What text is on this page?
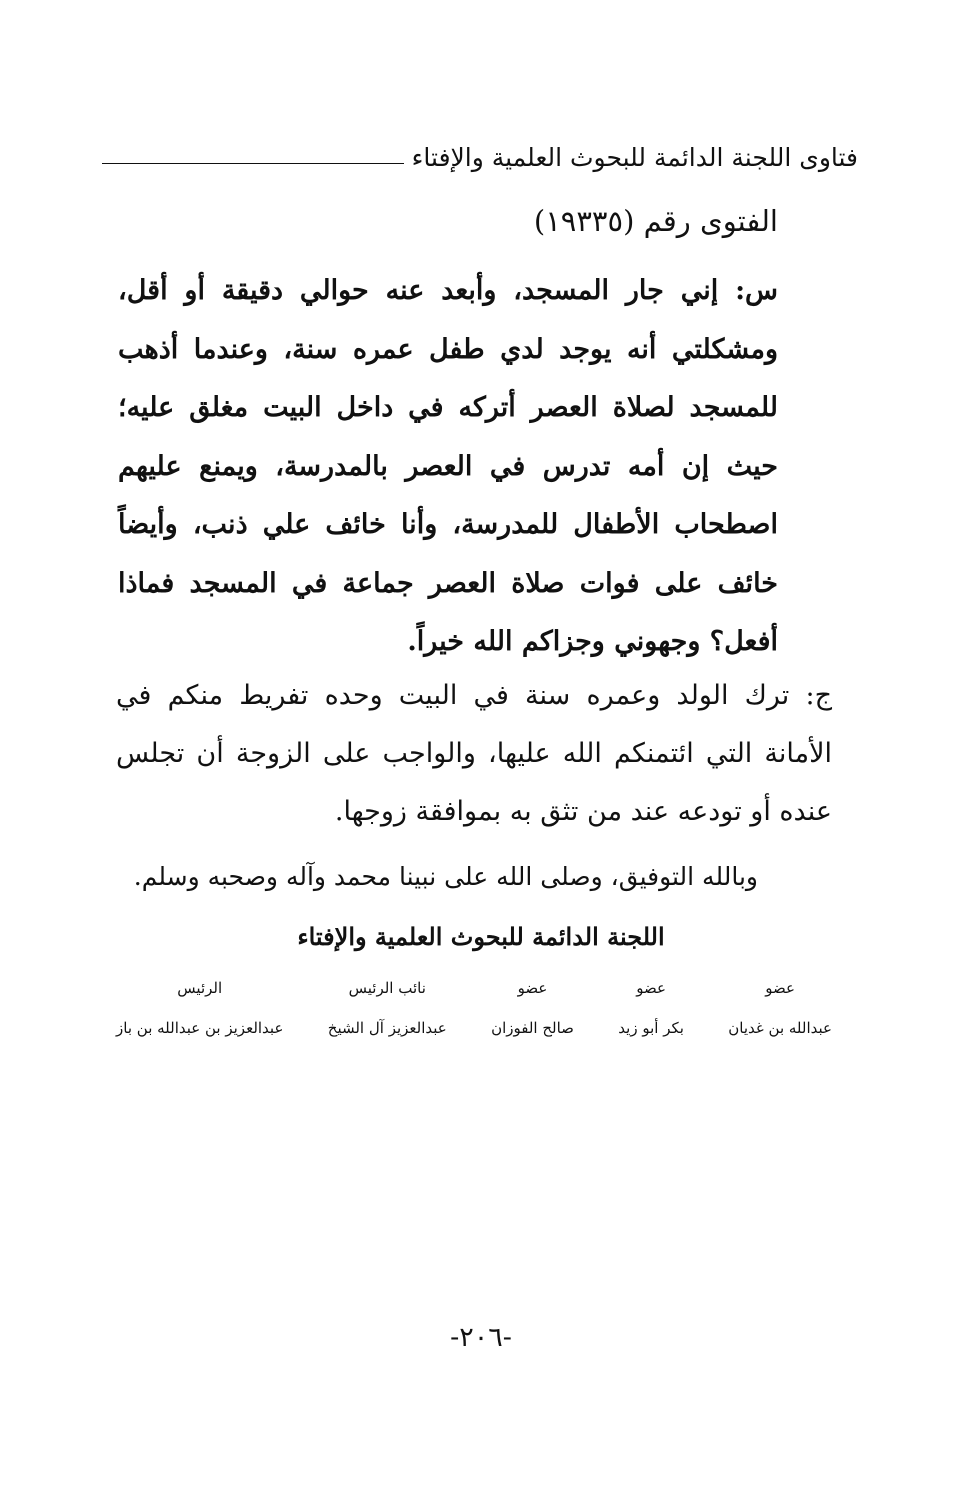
فتاوى اللجنة الدائمة للبحوث العلمية والإفتاء
الفتوى رقم (١٩٣٣٥)
س: إني جار المسجد، وأبعد عنه حوالي دقيقة أو أقل، ومشكلتي أنه يوجد لدي طفل عمره سنة، وعندما أذهب للمسجد لصلاة العصر أتركه في داخل البيت مغلق عليه؛ حيث إن أمه تدرس في العصر بالمدرسة، ويمنع عليهم اصطحاب الأطفال للمدرسة، وأنا خائف علي ذنب، وأيضاً خائف على فوات صلاة العصر جماعة في المسجد فماذا أفعل؟ وجهوني وجزاكم الله خيراً.
ج: ترك الولد وعمره سنة في البيت وحده تفريط منكم في الأمانة التي ائتمنكم الله عليها، والواجب على الزوجة أن تجلس عنده أو تودعه عند من تثق به بموافقة زوجها.
وبالله التوفيق، وصلى الله على نبينا محمد وآله وصحبه وسلم.
اللجنة الدائمة للبحوث العلمية والإفتاء
عضو
عبدالله بن غديان
عضو
بكر أبو زيد
عضو
صالح الفوزان
نائب الرئيس
عبدالعزيز آل الشيخ
الرئيس
عبدالعزيز بن عبدالله بن باز
-٢٠٦-
